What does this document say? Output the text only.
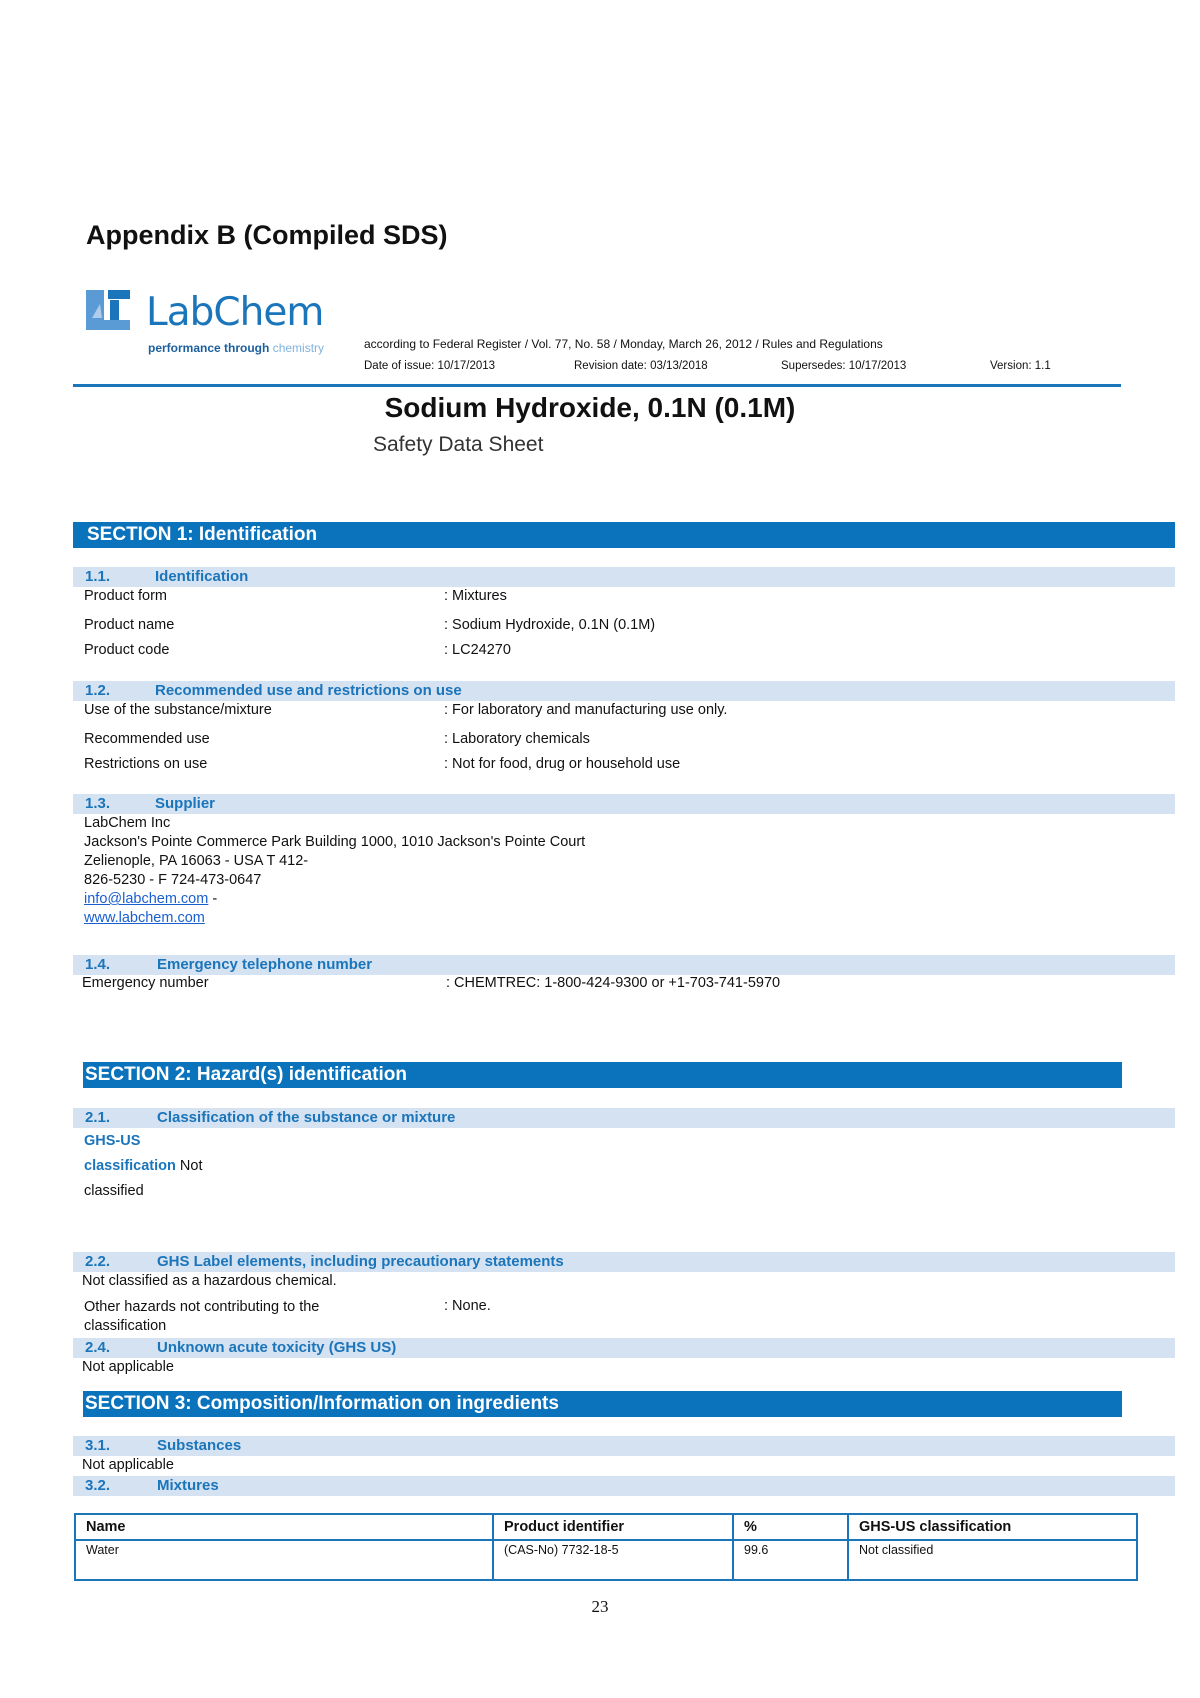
Appendix B (Compiled SDS)
LabChem
performance through chemistry	according to Federal Register / Vol. 77, No. 58 / Monday, March 26, 2012 / Rules and Regulations
Date of issue: 10/17/2013	Revision date: 03/13/2018	Supersedes: 10/17/2013	Version: 1.1
Sodium Hydroxide, 0.1N (0.1M)
Safety Data Sheet
SECTION 1: Identification
1.1.	Identification
Product form	: Mixtures
Product name	: Sodium Hydroxide, 0.1N (0.1M)
Product code	: LC24270
1.2.	Recommended use and restrictions on use
Use of the substance/mixture	: For laboratory and manufacturing use only.
Recommended use	: Laboratory chemicals
Restrictions on use	: Not for food, drug or household use
1.3.	Supplier
LabChem Inc
Jackson's Pointe Commerce Park Building 1000, 1010 Jackson's Pointe Court
Zelienople, PA 16063 - USA T 412-
826-5230 - F 724-473-0647
info@labchem.com -
www.labchem.com
1.4.	Emergency telephone number
Emergency number	: CHEMTREC: 1-800-424-9300 or +1-703-741-5970
SECTION 2: Hazard(s) identification
2.1.	Classification of the substance or mixture
GHS-US
classification Not
classified
2.2.	GHS Label elements, including precautionary statements
Not classified as a hazardous chemical.
Other hazards not contributing to the
classification
: None.
2.4.	Unknown acute toxicity (GHS US)
Not applicable
SECTION 3: Composition/Information on ingredients
3.1.	Substances
Not applicable
3.2.	Mixtures
Name	Product identifier	%	GHS-US classification
Water	(CAS-No) 7732-18-5	99.6	Not classified
23
